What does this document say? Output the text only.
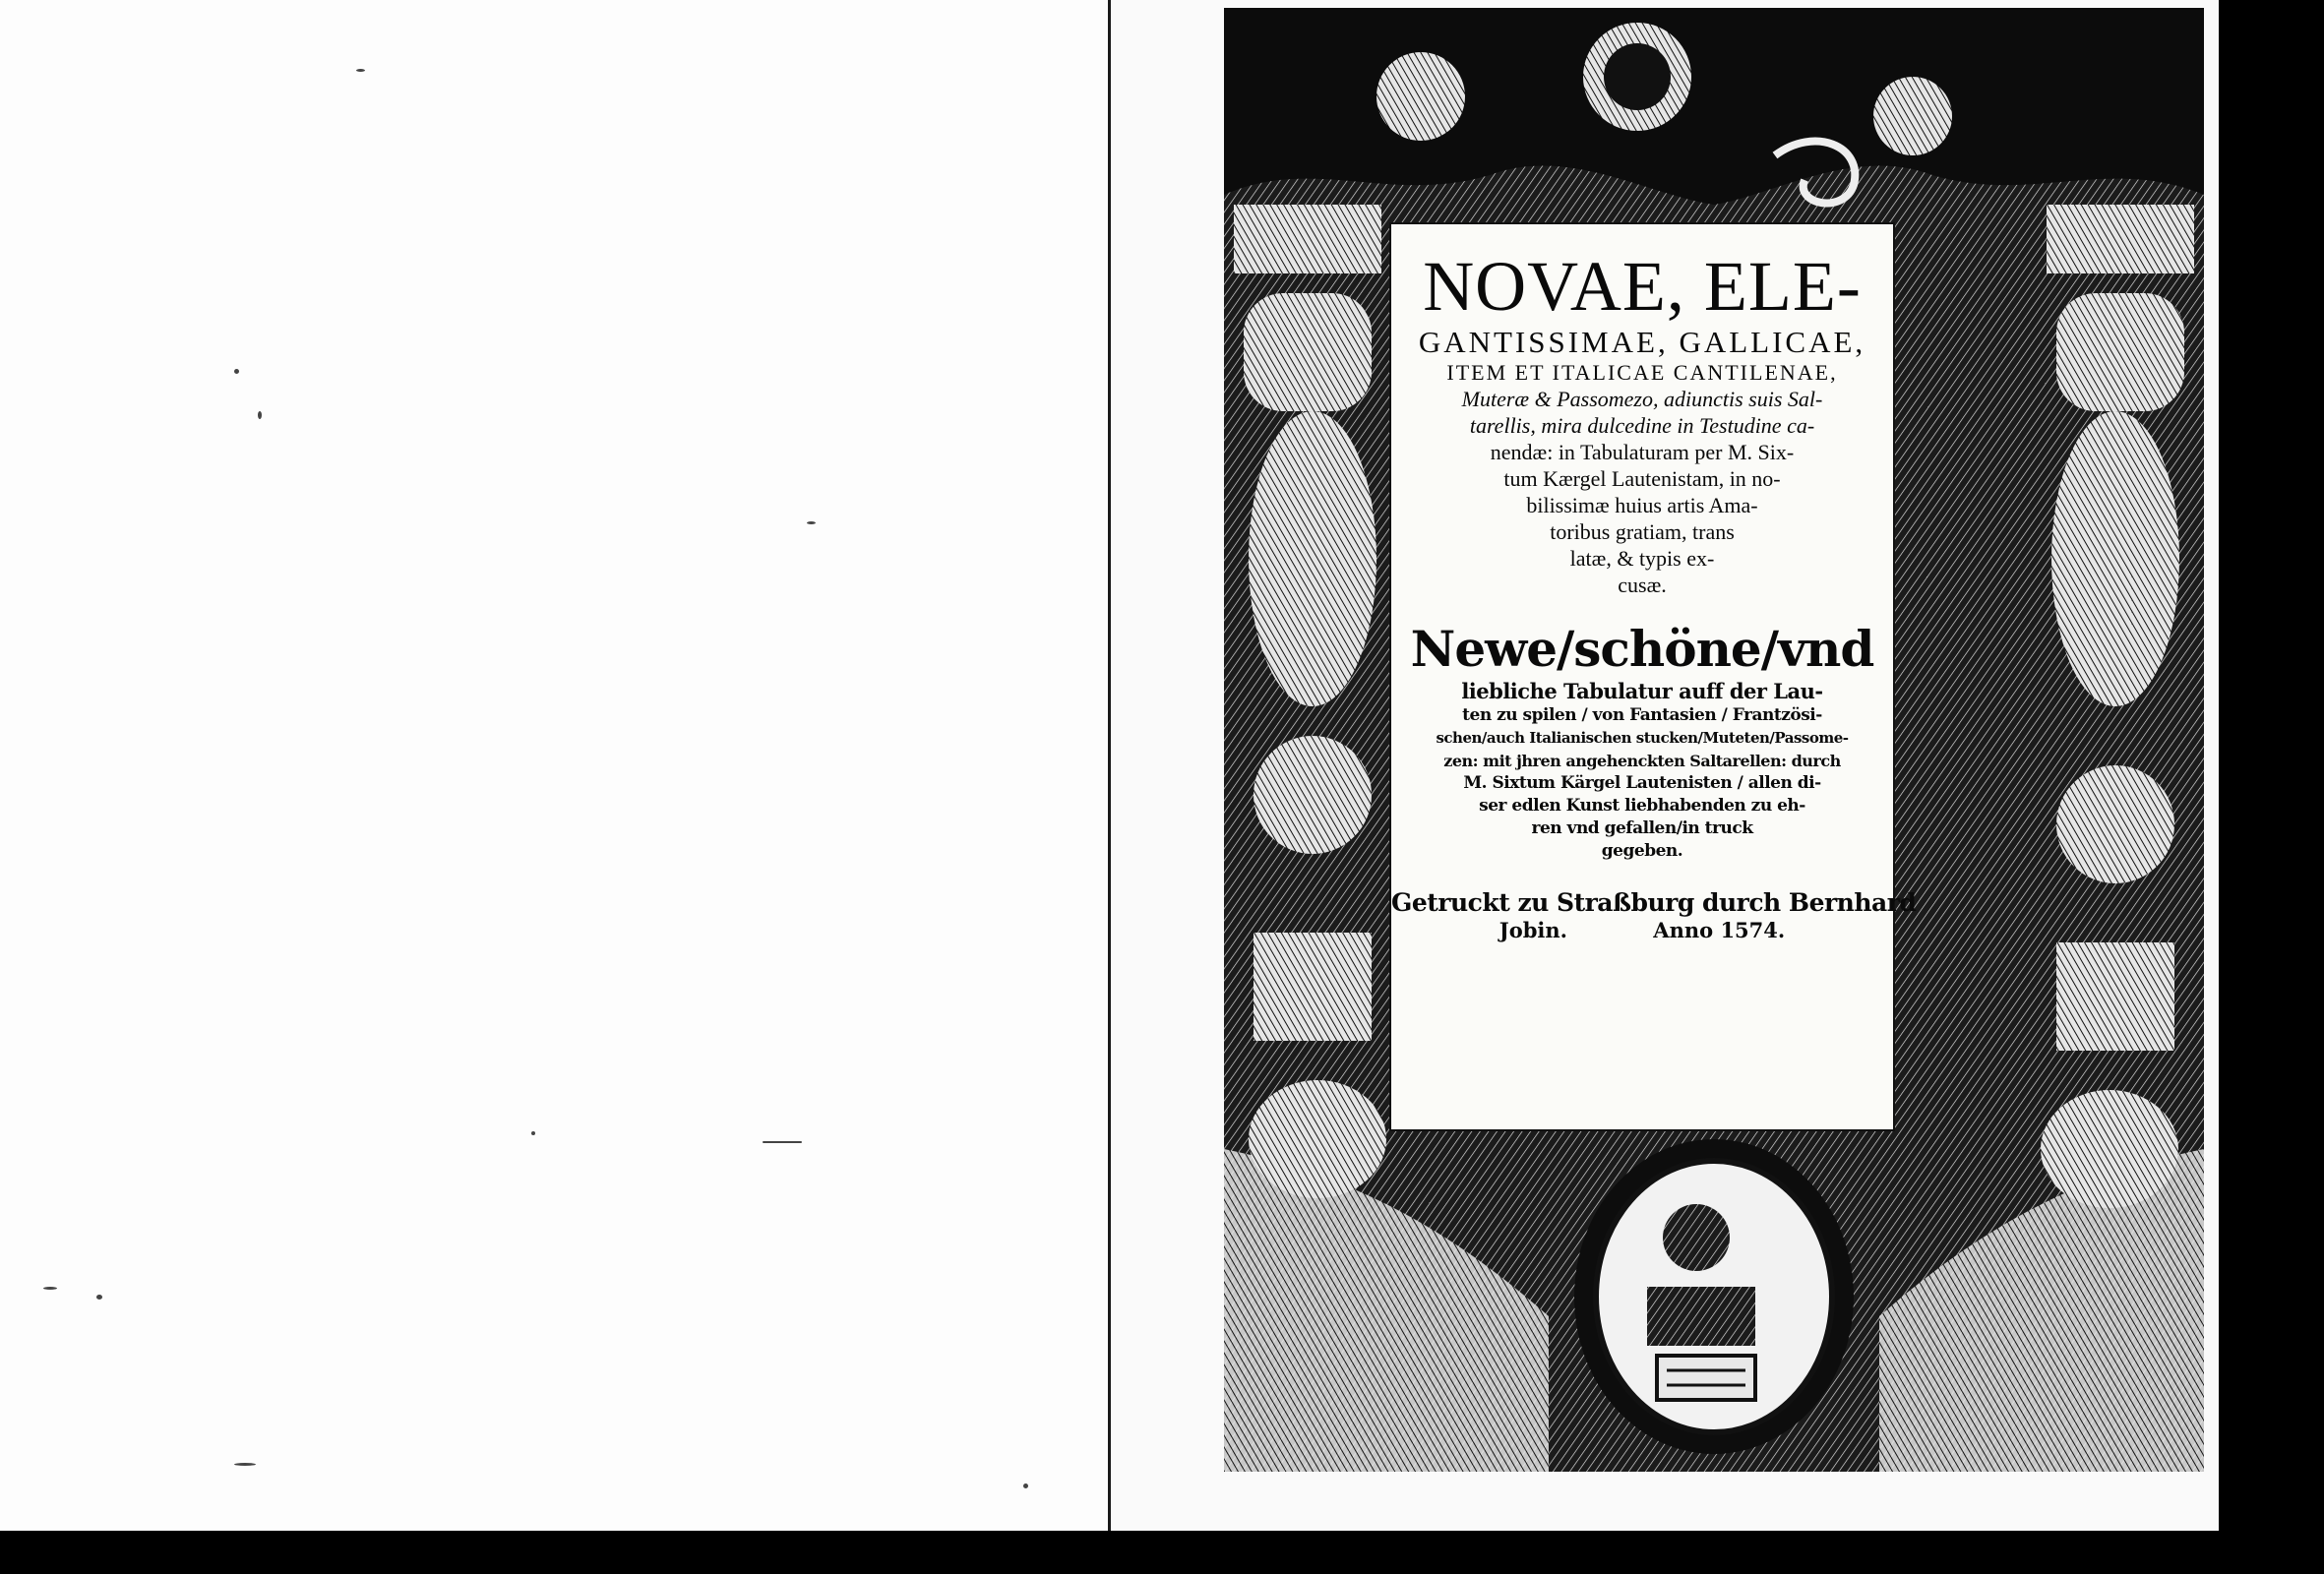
NOVAE, ELE-
GANTISSIMAE, GALLICAE,
ITEM ET ITALICAE CANTILENAE,
Muteræ & Passomezo, adiunctis suis Sal-
tarellis, mira dulcedine in Testudine ca-
nendæ: in Tabulaturam per M. Six-
tum Kærgel Lautenistam, in no-
bilissimæ huius artis Ama-
toribus gratiam, trans
latæ, & typis ex-
cusæ.
Newe/schöne/vnd
liebliche Tabulatur auff der Lau-
ten zu spilen / von Fantasien / Frantzösi-
schen/auch Italianischen stucken/Muteten/Passome-
zen: mit jhren angehenckten Saltarellen: durch
M. Sixtum Kärgel Lautenisten / allen di-
ser edlen Kunst liebhabenden zu eh-
ren vnd gefallen/in truck
gegeben.
Getruckt zu Straßburg durch Bernhard
Jobin.	Anno 1574.
